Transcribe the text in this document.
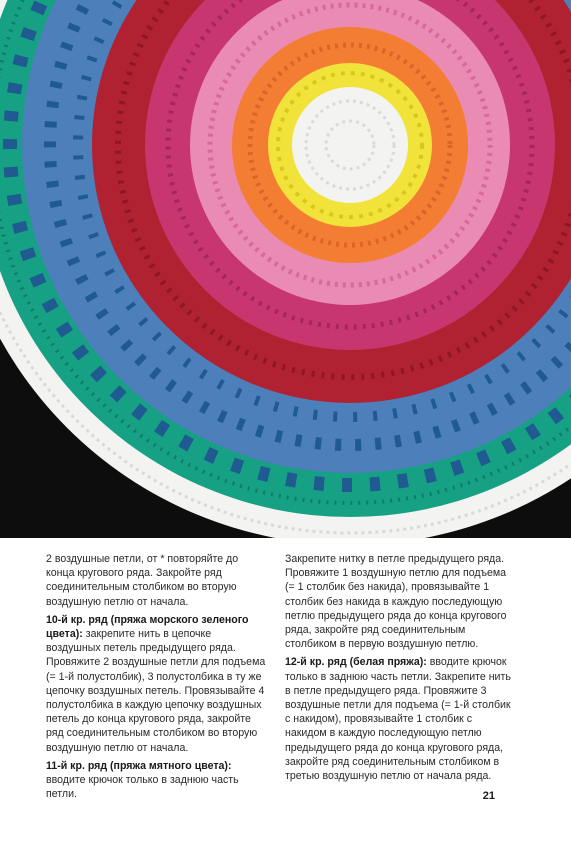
2 воздушные петли, от * повторяйте до конца кругового ряда. Закройте ряд соединительным столбиком во вторую воздушную петлю от начала.

10-й кр. ряд (пряжа морского зеленого цвета): закрепите нить в цепочке воздушных петель предыдущего ряда. Провяжите 2 воздушные петли для подъема (= 1-й полустолбик), 3 полустолбика в ту же цепочку воздушных петель. Провязывайте 4 полустолбика в каждую цепочку воздушных петель до конца кругового ряда, закройте ряд соединительным столбиком во вторую воздушную петлю от начала.

11-й кр. ряд (пряжа мятного цвета): вводите крючок только в заднюю часть петли.

Закрепите нитку в петле предыдущего ряда. Провяжите 1 воздушную петлю для подъема (= 1 столбик без накида), провязывайте 1 столбик без накида в каждую последующую петлю предыдущего ряда до конца кругового ряда, закройте ряд соединительным столбиком в первую воздушную петлю.

12-й кр. ряд (белая пряжа): вводите крючок только в заднюю часть петли. Закрепите нить в петле предыдущего ряда. Провяжите 3 воздушные петли для подъема (= 1-й столбик с накидом), провязывайте 1 столбик с накидом в каждую последующую петлю предыдущего ряда до конца кругового ряда, закройте ряд соединительным столбиком в третью воздушную петлю от начала ряда.

21
